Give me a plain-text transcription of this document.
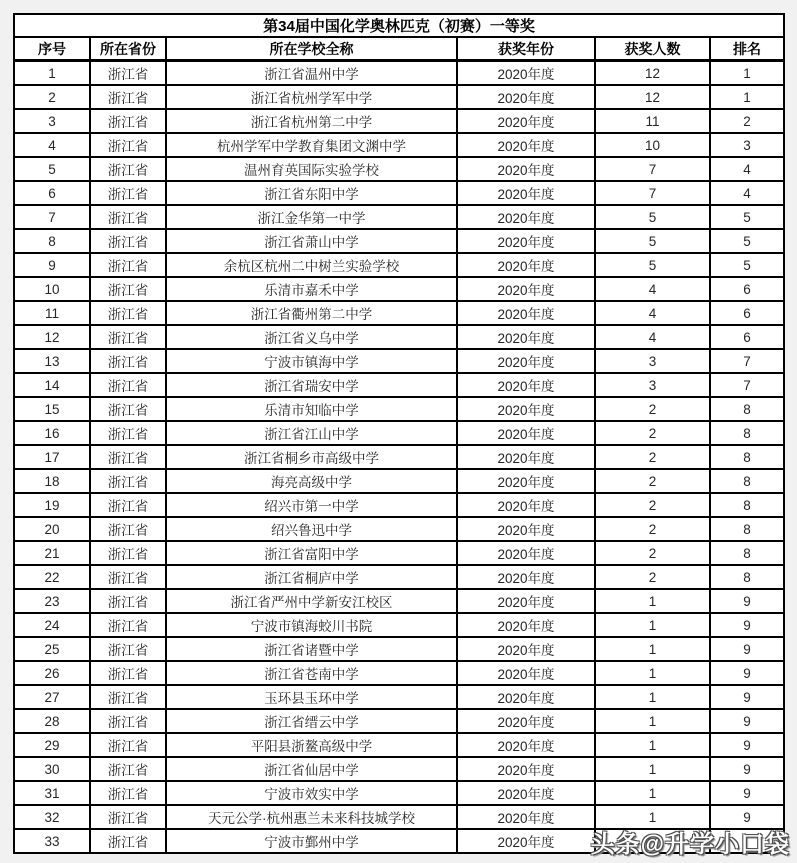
第34届中国化学奥林匹克（初赛）一等奖					
序号	所在省份	所在学校全称	获奖年份	获奖人数	排名
1	浙江省	浙江省温州中学	2020年度	12	1
2	浙江省	浙江省杭州学军中学	2020年度	12	1
3	浙江省	浙江省杭州第二中学	2020年度	11	2
4	浙江省	杭州学军中学教育集团文渊中学	2020年度	10	3
5	浙江省	温州育英国际实验学校	2020年度	7	4
6	浙江省	浙江省东阳中学	2020年度	7	4
7	浙江省	浙江金华第一中学	2020年度	5	5
8	浙江省	浙江省萧山中学	2020年度	5	5
9	浙江省	余杭区杭州二中树兰实验学校	2020年度	5	5
10	浙江省	乐清市嘉禾中学	2020年度	4	6
11	浙江省	浙江省衢州第二中学	2020年度	4	6
12	浙江省	浙江省义乌中学	2020年度	4	6
13	浙江省	宁波市镇海中学	2020年度	3	7
14	浙江省	浙江省瑞安中学	2020年度	3	7
15	浙江省	乐清市知临中学	2020年度	2	8
16	浙江省	浙江省江山中学	2020年度	2	8
17	浙江省	浙江省桐乡市高级中学	2020年度	2	8
18	浙江省	海亮高级中学	2020年度	2	8
19	浙江省	绍兴市第一中学	2020年度	2	8
20	浙江省	绍兴鲁迅中学	2020年度	2	8
21	浙江省	浙江省富阳中学	2020年度	2	8
22	浙江省	浙江省桐庐中学	2020年度	2	8
23	浙江省	浙江省严州中学新安江校区	2020年度	1	9
24	浙江省	宁波市镇海蛟川书院	2020年度	1	9
25	浙江省	浙江省诸暨中学	2020年度	1	9
26	浙江省	浙江省苍南中学	2020年度	1	9
27	浙江省	玉环县玉环中学	2020年度	1	9
28	浙江省	浙江省缙云中学	2020年度	1	9
29	浙江省	平阳县浙鳌高级中学	2020年度	1	9
30	浙江省	浙江省仙居中学	2020年度	1	9
31	浙江省	宁波市效实中学	2020年度	1	9
32	浙江省	天元公学·杭州惠兰未来科技城学校	2020年度	1	9
33	浙江省	宁波市鄞州中学	2020年度		头条@升学小口袋
